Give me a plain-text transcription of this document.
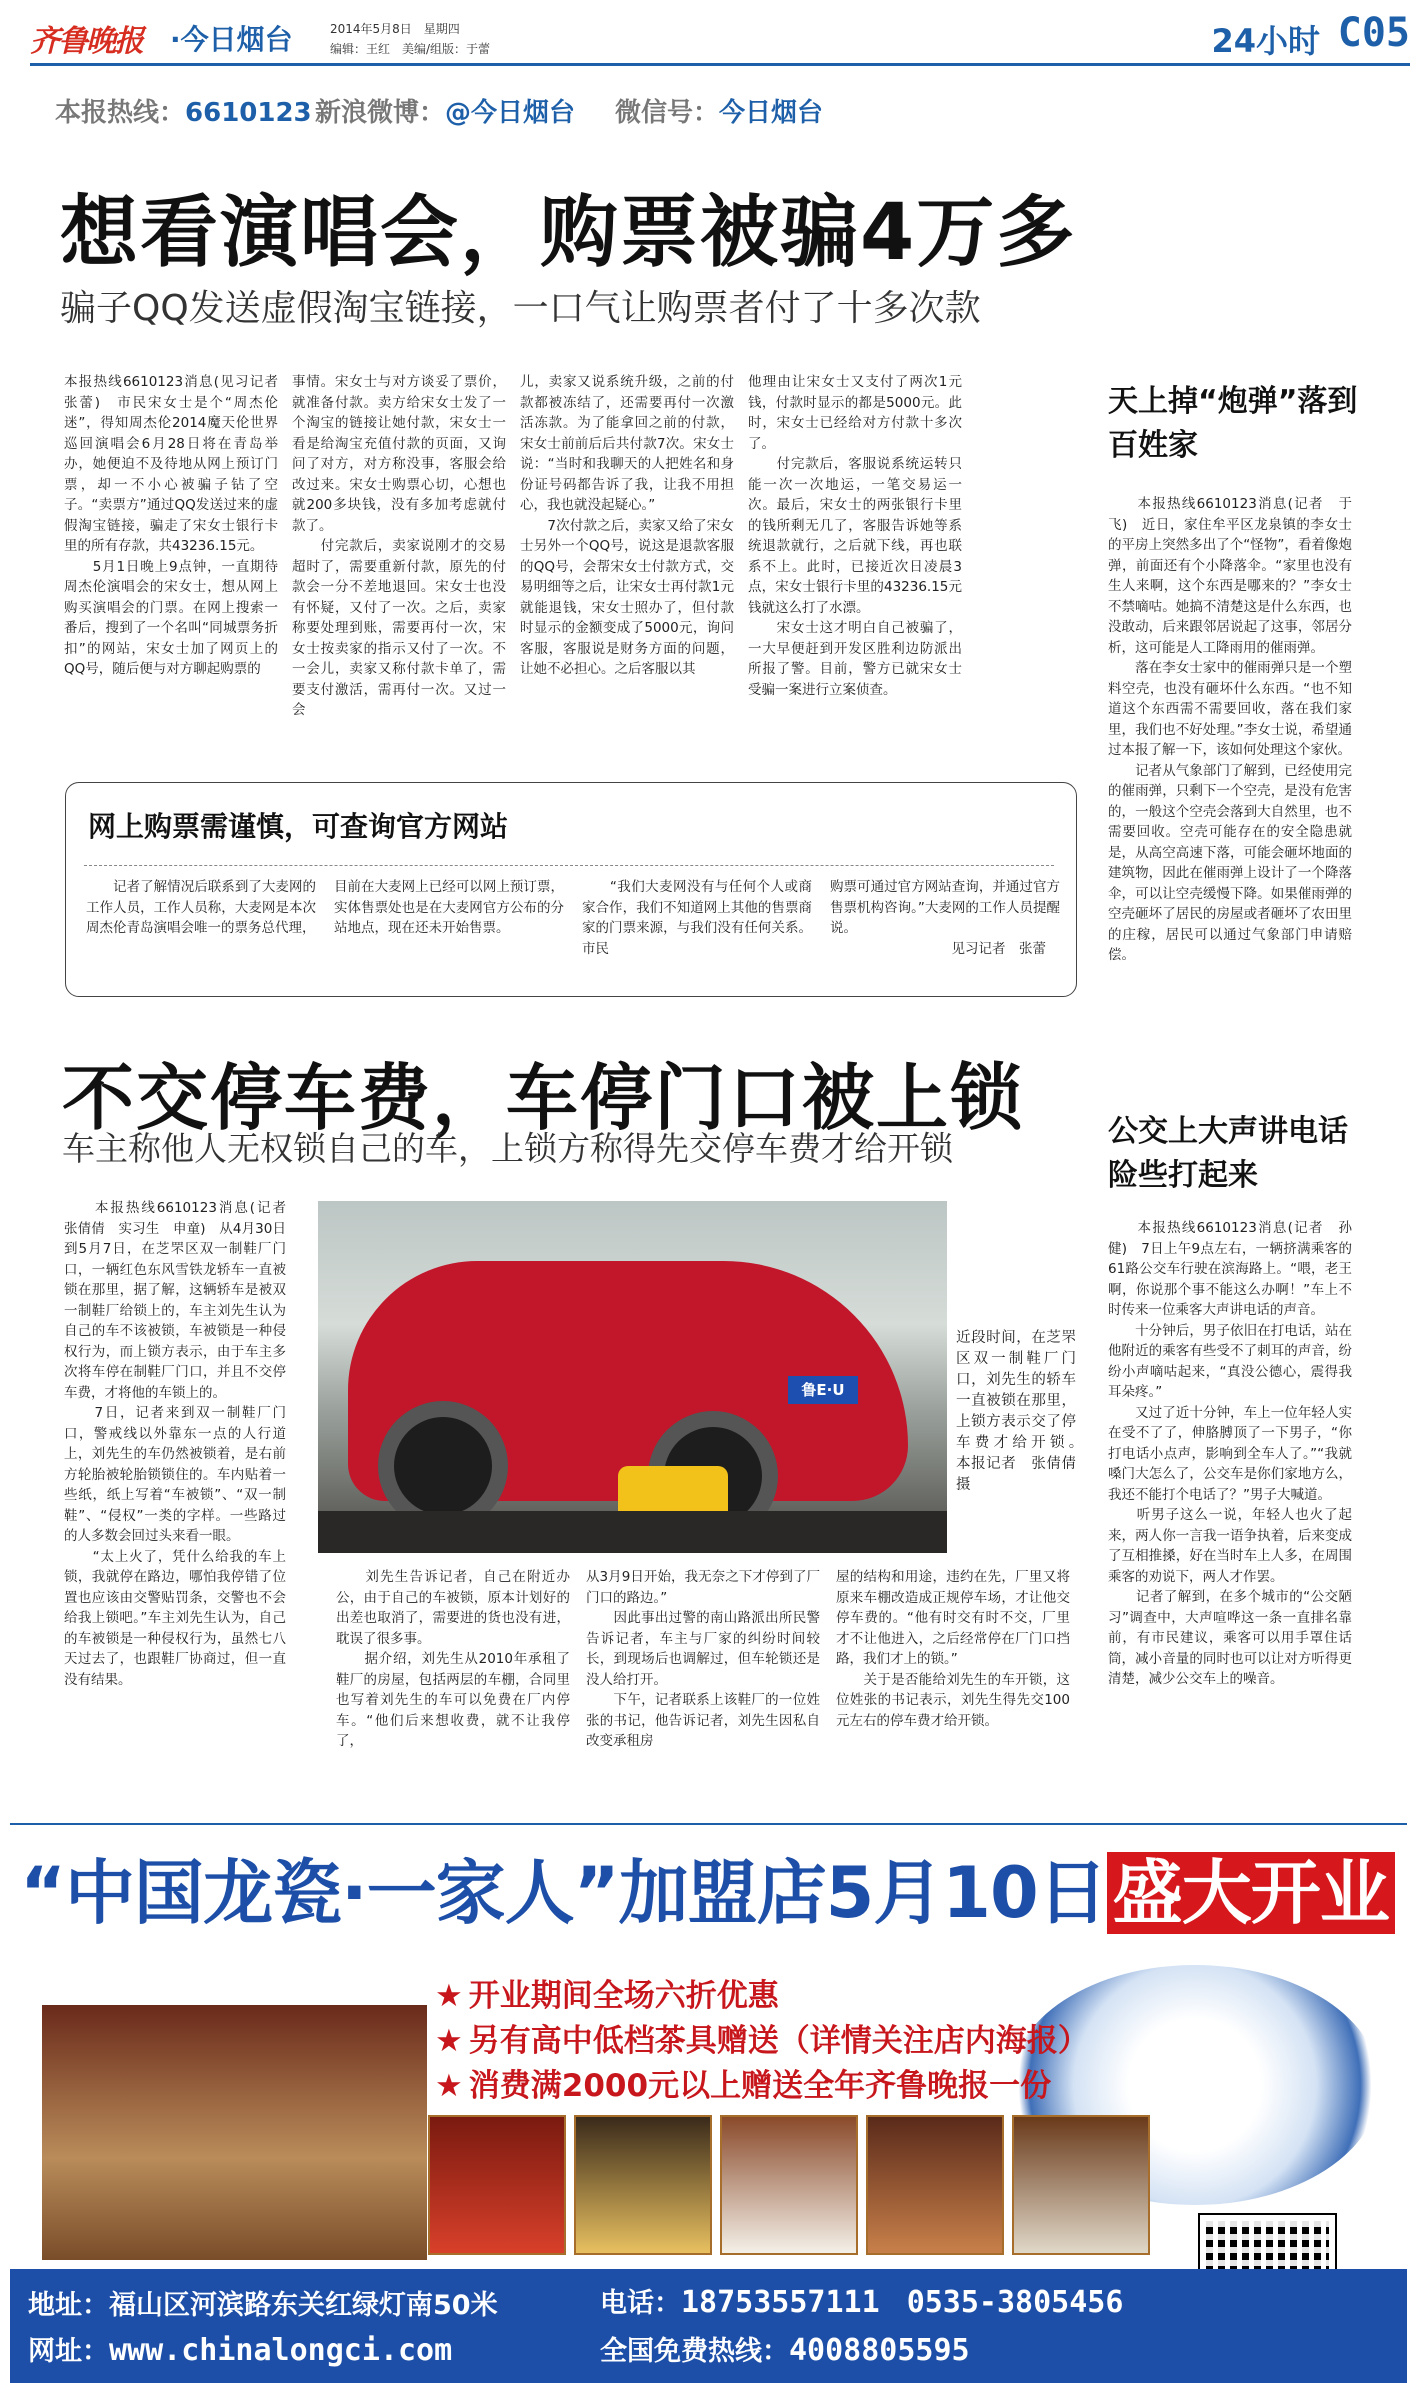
齐鲁晚报 ·今日烟台	2014年5月8日　星期四
编辑：王红　美编/组版：于蕾	24小时 C05
本报热线：6610123 新浪微博：@今日烟台 微信号：今日烟台
想看演唱会，购票被骗4万多
骗子QQ发送虚假淘宝链接，一口气让购票者付了十多次款
本报热线6610123消息(见习记者　张蕾)　市民宋女士是个“周杰伦迷”，得知周杰伦2014魔天伦世界巡回演唱会6月28日将在青岛举办，她便迫不及待地从网上预订门票，却一不小心被骗子钻了空子。“卖票方”通过QQ发送过来的虚假淘宝链接，骗走了宋女士银行卡里的所有存款，共43236.15元。
　　5月1日晚上9点钟，一直期待周杰伦演唱会的宋女士，想从网上购买演唱会的门票。在网上搜索一番后，搜到了一个名叫“同城票务折扣”的网站，宋女士加了网页上的QQ号，随后便与对方聊起购票的
事情。宋女士与对方谈妥了票价，就准备付款。卖方给宋女士发了一个淘宝的链接让她付款，宋女士一看是给淘宝充值付款的页面，又询问了对方，对方称没事，客服会给改过来。宋女士购票心切，心想也就200多块钱，没有多加考虑就付款了。
　　付完款后，卖家说刚才的交易超时了，需要重新付款，原先的付款会一分不差地退回。宋女士也没有怀疑，又付了一次。之后，卖家称要处理到账，需要再付一次，宋女士按卖家的指示又付了一次。不一会儿，卖家又称付款卡单了，需要支付激活，需再付一次。又过一会
儿，卖家又说系统升级，之前的付款都被冻结了，还需要再付一次激活冻款。为了能拿回之前的付款，宋女士前前后后共付款7次。宋女士说：“当时和我聊天的人把姓名和身份证号码都告诉了我，让我不用担心，我也就没起疑心。”
　　7次付款之后，卖家又给了宋女士另外一个QQ号，说这是退款客服的QQ号，会帮宋女士付款方式，交易明细等之后，让宋女士再付款1元就能退钱，宋女士照办了，但付款时显示的金额变成了5000元，询问客服，客服说是财务方面的问题，让她不必担心。之后客服以其
他理由让宋女士又支付了两次1元钱，付款时显示的都是5000元。此时，宋女士已经给对方付款十多次了。
　　付完款后，客服说系统运转只能一次一次地运，一笔交易运一次。最后，宋女士的两张银行卡里的钱所剩无几了，客服告诉她等系统退款就行，之后就下线，再也联系不上。此时，已接近次日凌晨3点，宋女士银行卡里的43236.15元钱就这么打了水漂。
　　宋女士这才明白自己被骗了，一大早便赶到开发区胜利边防派出所报了警。目前，警方已就宋女士受骗一案进行立案侦查。
网上购票需谨慎，可查询官方网站
　　记者了解情况后联系到了大麦网的工作人员，工作人员称，大麦网是本次周杰伦青岛演唱会唯一的票务总代理，
目前在大麦网上已经可以网上预订票，实体售票处也是在大麦网官方公布的分站地点，现在还未开始售票。
　　“我们大麦网没有与任何个人或商家合作，我们不知道网上其他的售票商家的门票来源，与我们没有任何关系。市民
购票可通过官方网站查询，并通过官方售票机构咨询。”大麦网的工作人员提醒说。
　　　　　　　　　见习记者　张蕾
天上掉“炮弹”落到百姓家
　　本报热线6610123消息(记者　于飞)　近日，家住牟平区龙泉镇的李女士的平房上突然多出了个“怪物”，看着像炮弹，前面还有个小降落伞。“家里也没有生人来啊，这个东西是哪来的？”李女士不禁嘀咕。她搞不清楚这是什么东西，也没敢动，后来跟邻居说起了这事，邻居分析，这可能是人工降雨用的催雨弹。
　　落在李女士家中的催雨弹只是一个塑料空壳，也没有砸坏什么东西。“也不知道这个东西需不需要回收，落在我们家里，我们也不好处理。”李女士说，希望通过本报了解一下，该如何处理这个家伙。
　　记者从气象部门了解到，已经使用完的催雨弹，只剩下一个空壳，是没有危害的，一般这个空壳会落到大自然里，也不需要回收。空壳可能存在的安全隐患就是，从高空高速下落，可能会砸坏地面的建筑物，因此在催雨弹上设计了一个降落伞，可以让空壳缓慢下降。如果催雨弹的空壳砸坏了居民的房屋或者砸坏了农田里的庄稼，居民可以通过气象部门申请赔偿。
不交停车费，车停门口被上锁
车主称他人无权锁自己的车，上锁方称得先交停车费才给开锁
　　本报热线6610123消息(记者　张倩倩　实习生　申童)　从4月30日到5月7日，在芝罘区双一制鞋厂门口，一辆红色东风雪铁龙轿车一直被锁在那里，据了解，这辆轿车是被双一制鞋厂给锁上的，车主刘先生认为自己的车不该被锁，车被锁是一种侵权行为，而上锁方表示，由于车主多次将车停在制鞋厂门口，并且不交停车费，才将他的车锁上的。
　　7日，记者来到双一制鞋厂门口，警戒线以外靠东一点的人行道上，刘先生的车仍然被锁着，是右前方轮胎被轮胎锁锁住的。车内贴着一些纸，纸上写着“车被锁”、“双一制鞋”、“侵权”一类的字样。一些路过的人多数会回过头来看一眼。
　　“太上火了，凭什么给我的车上锁，我就停在路边，哪怕我停错了位置也应该由交警贴罚条，交警也不会给我上锁吧。”车主刘先生认为，自己的车被锁是一种侵权行为，虽然七八天过去了，也跟鞋厂协商过，但一直没有结果。
鲁E·U
近段时间，在芝罘区双一制鞋厂门口，刘先生的轿车一直被锁在那里，上锁方表示交了停车费才给开锁。　本报记者　张倩倩　摄
　　刘先生告诉记者，自己在附近办公，由于自己的车被锁，原本计划好的出差也取消了，需要进的货也没有进，耽误了很多事。
　　据介绍，刘先生从2010年承租了鞋厂的房屋，包括两层的车棚，合同里也写着刘先生的车可以免费在厂内停车。“他们后来想收费，就不让我停了，
从3月9日开始，我无奈之下才停到了厂门口的路边。”
　　因此事出过警的南山路派出所民警告诉记者，车主与厂家的纠纷时间较长，到现场后也调解过，但车轮锁还是没人给打开。
　　下午，记者联系上该鞋厂的一位姓张的书记，他告诉记者，刘先生因私自改变承租房
屋的结构和用途，违约在先，厂里又将原来车棚改造成正规停车场，才让他交停车费的。“他有时交有时不交，厂里才不让他进入，之后经常停在厂门口挡路，我们才上的锁。”
　　关于是否能给刘先生的车开锁，这位姓张的书记表示，刘先生得先交100元左右的停车费才给开锁。
公交上大声讲电话险些打起来
　　本报热线6610123消息(记者　孙健)　7日上午9点左右，一辆挤满乘客的61路公交车行驶在滨海路上。“喂，老王啊，你说那个事不能这么办啊！”车上不时传来一位乘客大声讲电话的声音。
　　十分钟后，男子依旧在打电话，站在他附近的乘客有些受不了刺耳的声音，纷纷小声嘀咕起来，“真没公德心，震得我耳朵疼。”
　　又过了近十分钟，车上一位年轻人实在受不了了，伸胳膊顶了一下男子，“你打电话小点声，影响到全车人了。”“我就嗓门大怎么了，公交车是你们家地方么，我还不能打个电话了？”男子大喊道。
　　听男子这么一说，年轻人也火了起来，两人你一言我一语争执着，后来变成了互相推搡，好在当时车上人多，在周围乘客的劝说下，两人才作罢。
　　记者了解到，在多个城市的“公交陋习”调查中，大声喧哗这一条一直排名靠前，有市民建议，乘客可以用手罩住话筒，减小音量的同时也可以让对方听得更清楚，减少公交车上的噪音。
“中国龙瓷·一家人”加盟店5月10日盛大开业
★ 开业期间全场六折优惠
★ 另有高中低档茶具赠送（详情关注店内海报）
★ 消费满2000元以上赠送全年齐鲁晚报一份
地址：福山区河滨路东关红绿灯南50米	电话：18753557111　 0535-3805456
网址：www.chinalongci.com	全国免费热线：4008805595
